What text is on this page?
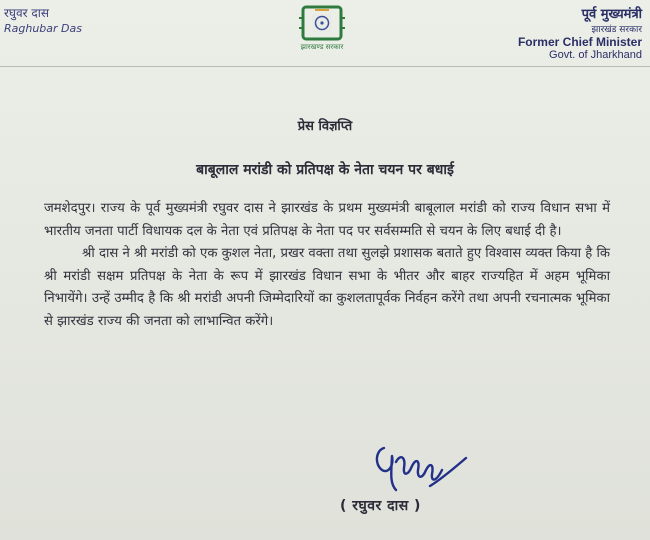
रघुवर दास
Raghubar Das
झारखण्ड सरकार
पूर्व मुख्यमंत्री
झारखंड सरकार
Former Chief Minister
Govt. of Jharkhand
प्रेस विज्ञप्ति
बाबूलाल मरांडी को प्रतिपक्ष के नेता चयन पर बधाई

जमशेदपुर। राज्य के पूर्व मुख्यमंत्री रघुवर दास ने झारखंड के प्रथम मुख्यमंत्री बाबूलाल मरांडी को राज्य विधान सभा में भारतीय जनता पार्टी विधायक दल के नेता एवं प्रतिपक्ष के नेता पद पर सर्वसम्मति से चयन के लिए बधाई दी है।

श्री दास ने श्री मरांडी को एक कुशल नेता, प्रखर वक्ता तथा सुलझे प्रशासक बताते हुए विश्वास व्यक्त किया है कि श्री मरांडी सक्षम प्रतिपक्ष के नेता के रूप में झारखंड विधान सभा के भीतर और बाहर राज्यहित में अहम भूमिका निभायेंगे। उन्हें उम्मीद है कि श्री मरांडी अपनी जिम्मेदारियों का कुशलतापूर्वक निर्वहन करेंगे तथा अपनी रचनात्मक भूमिका से झारखंड राज्य की जनता को लाभान्वित करेंगे।

( रघुवर दास )
